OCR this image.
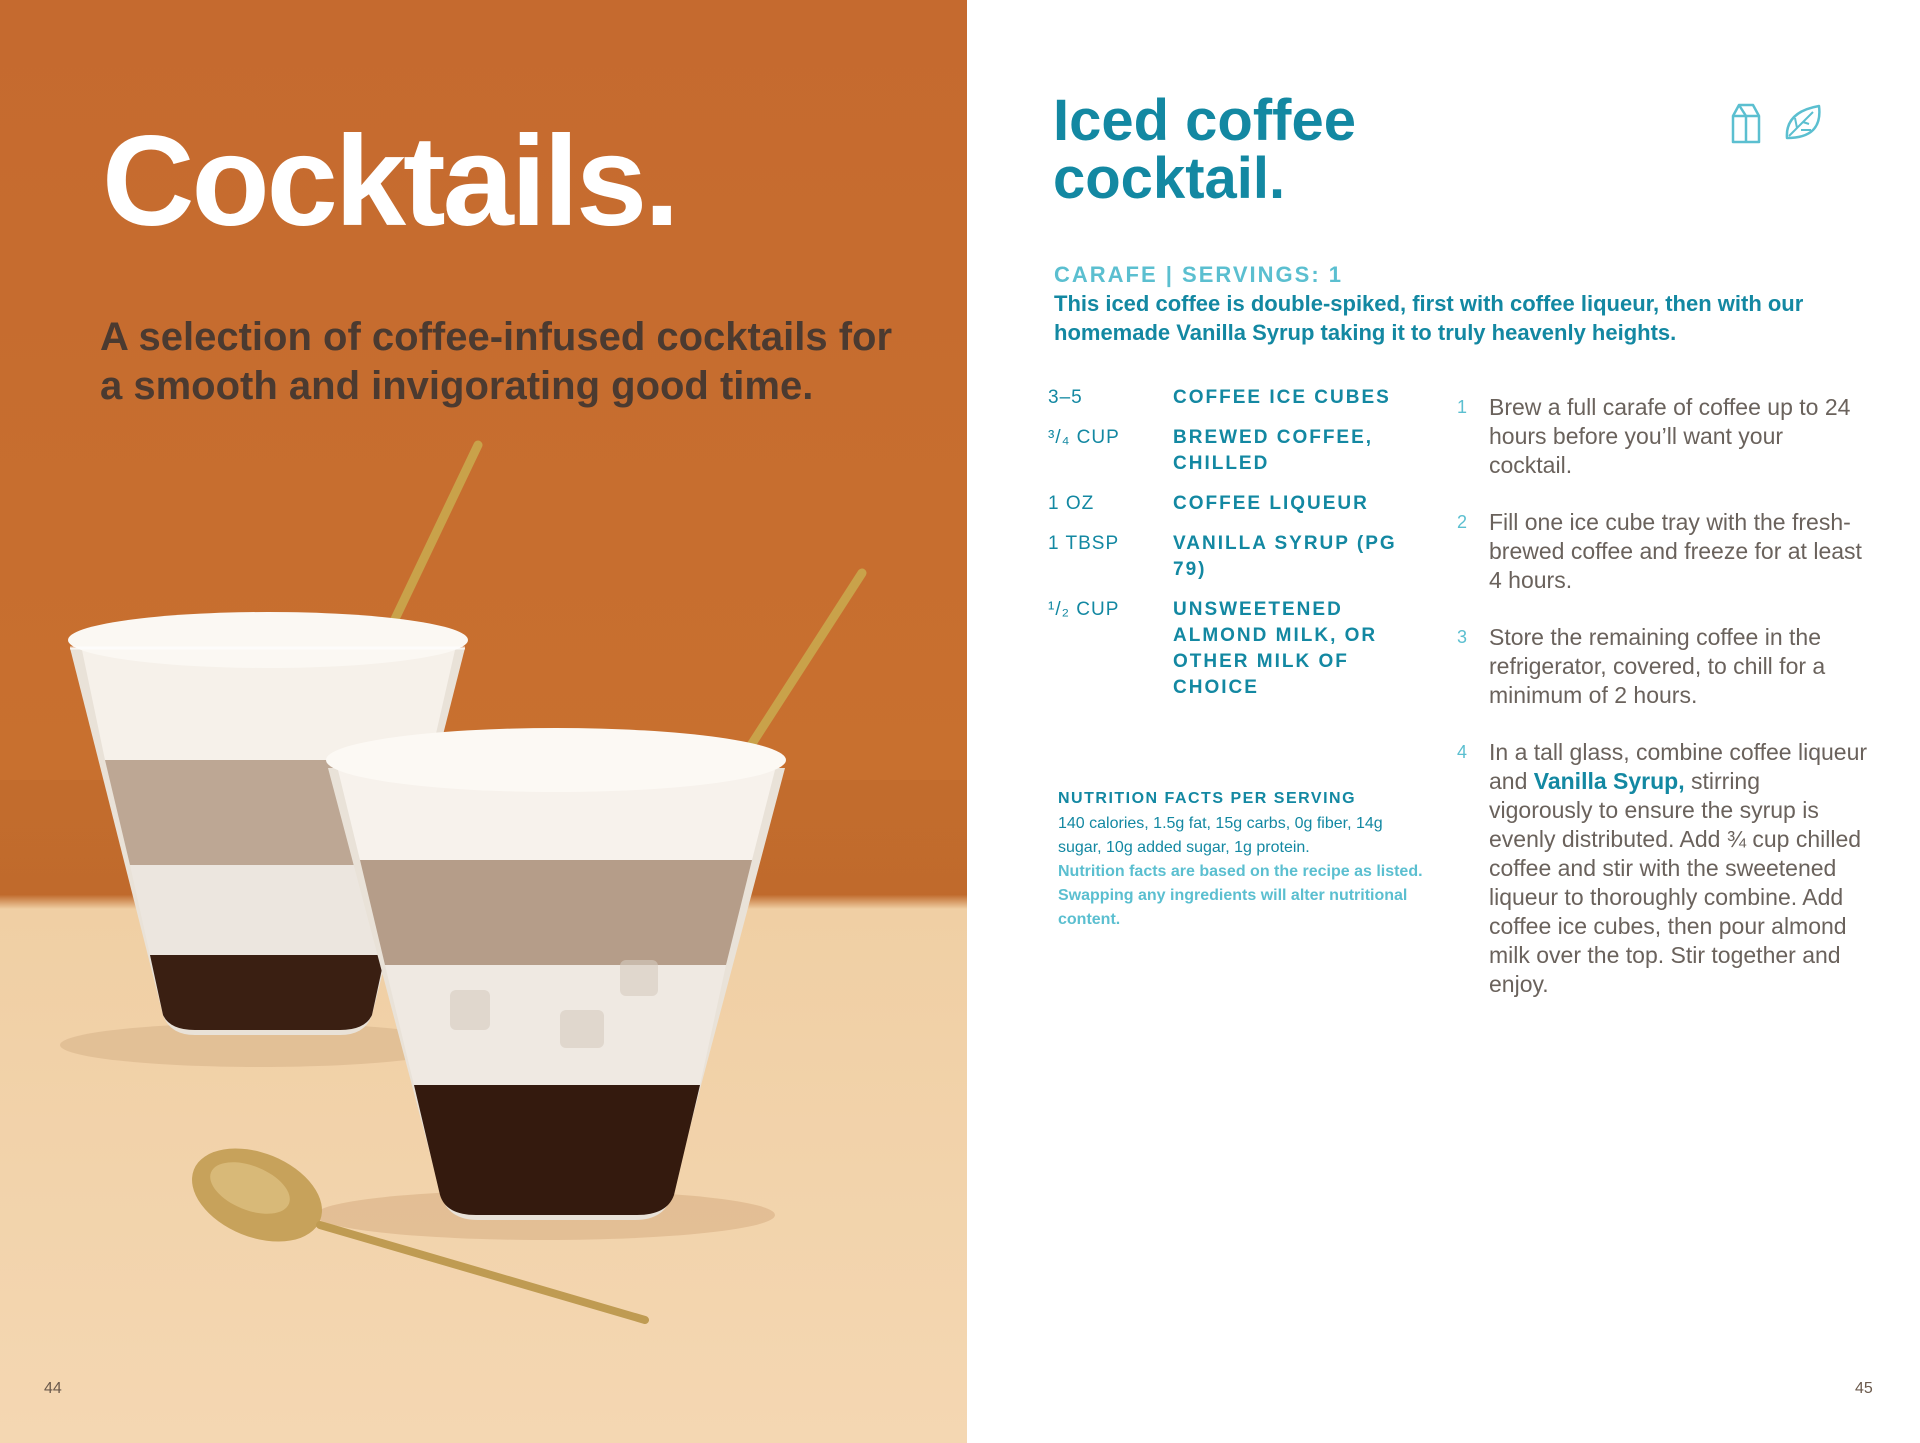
Cocktails.

A selection of coffee-infused cocktails for a smooth and invigorating good time.

44
Iced coffee cocktail.
CARAFE | SERVINGS: 1

This iced coffee is double-spiked, first with coffee liqueur, then with our homemade Vanilla Syrup taking it to truly heavenly heights.

3–5	COFFEE ICE CUBES
³/₄ CUP	BREWED COFFEE, CHILLED
1 OZ	COFFEE LIQUEUR
1 TBSP	VANILLA SYRUP (PG 79)
¹/₂ CUP	UNSWEETENED ALMOND MILK, OR OTHER MILK OF CHOICE
NUTRITION FACTS PER SERVING
140 calories, 1.5g fat, 15g carbs, 0g fiber, 14g sugar, 10g added sugar, 1g protein.
Nutrition facts are based on the recipe as listed. Swapping any ingredients will alter nutritional content.
1 Brew a full carafe of coffee up to 24 hours before you’ll want your cocktail.
2 Fill one ice cube tray with the fresh-brewed coffee and freeze for at least 4 hours.
3 Store the remaining coffee in the refrigerator, covered, to chill for a minimum of 2 hours.
4 In a tall glass, combine coffee liqueur and Vanilla Syrup, stirring vigorously to ensure the syrup is evenly distributed. Add ¾ cup chilled coffee and stir with the sweetened liqueur to thoroughly combine. Add coffee ice cubes, then pour almond milk over the top. Stir together and enjoy.
45
